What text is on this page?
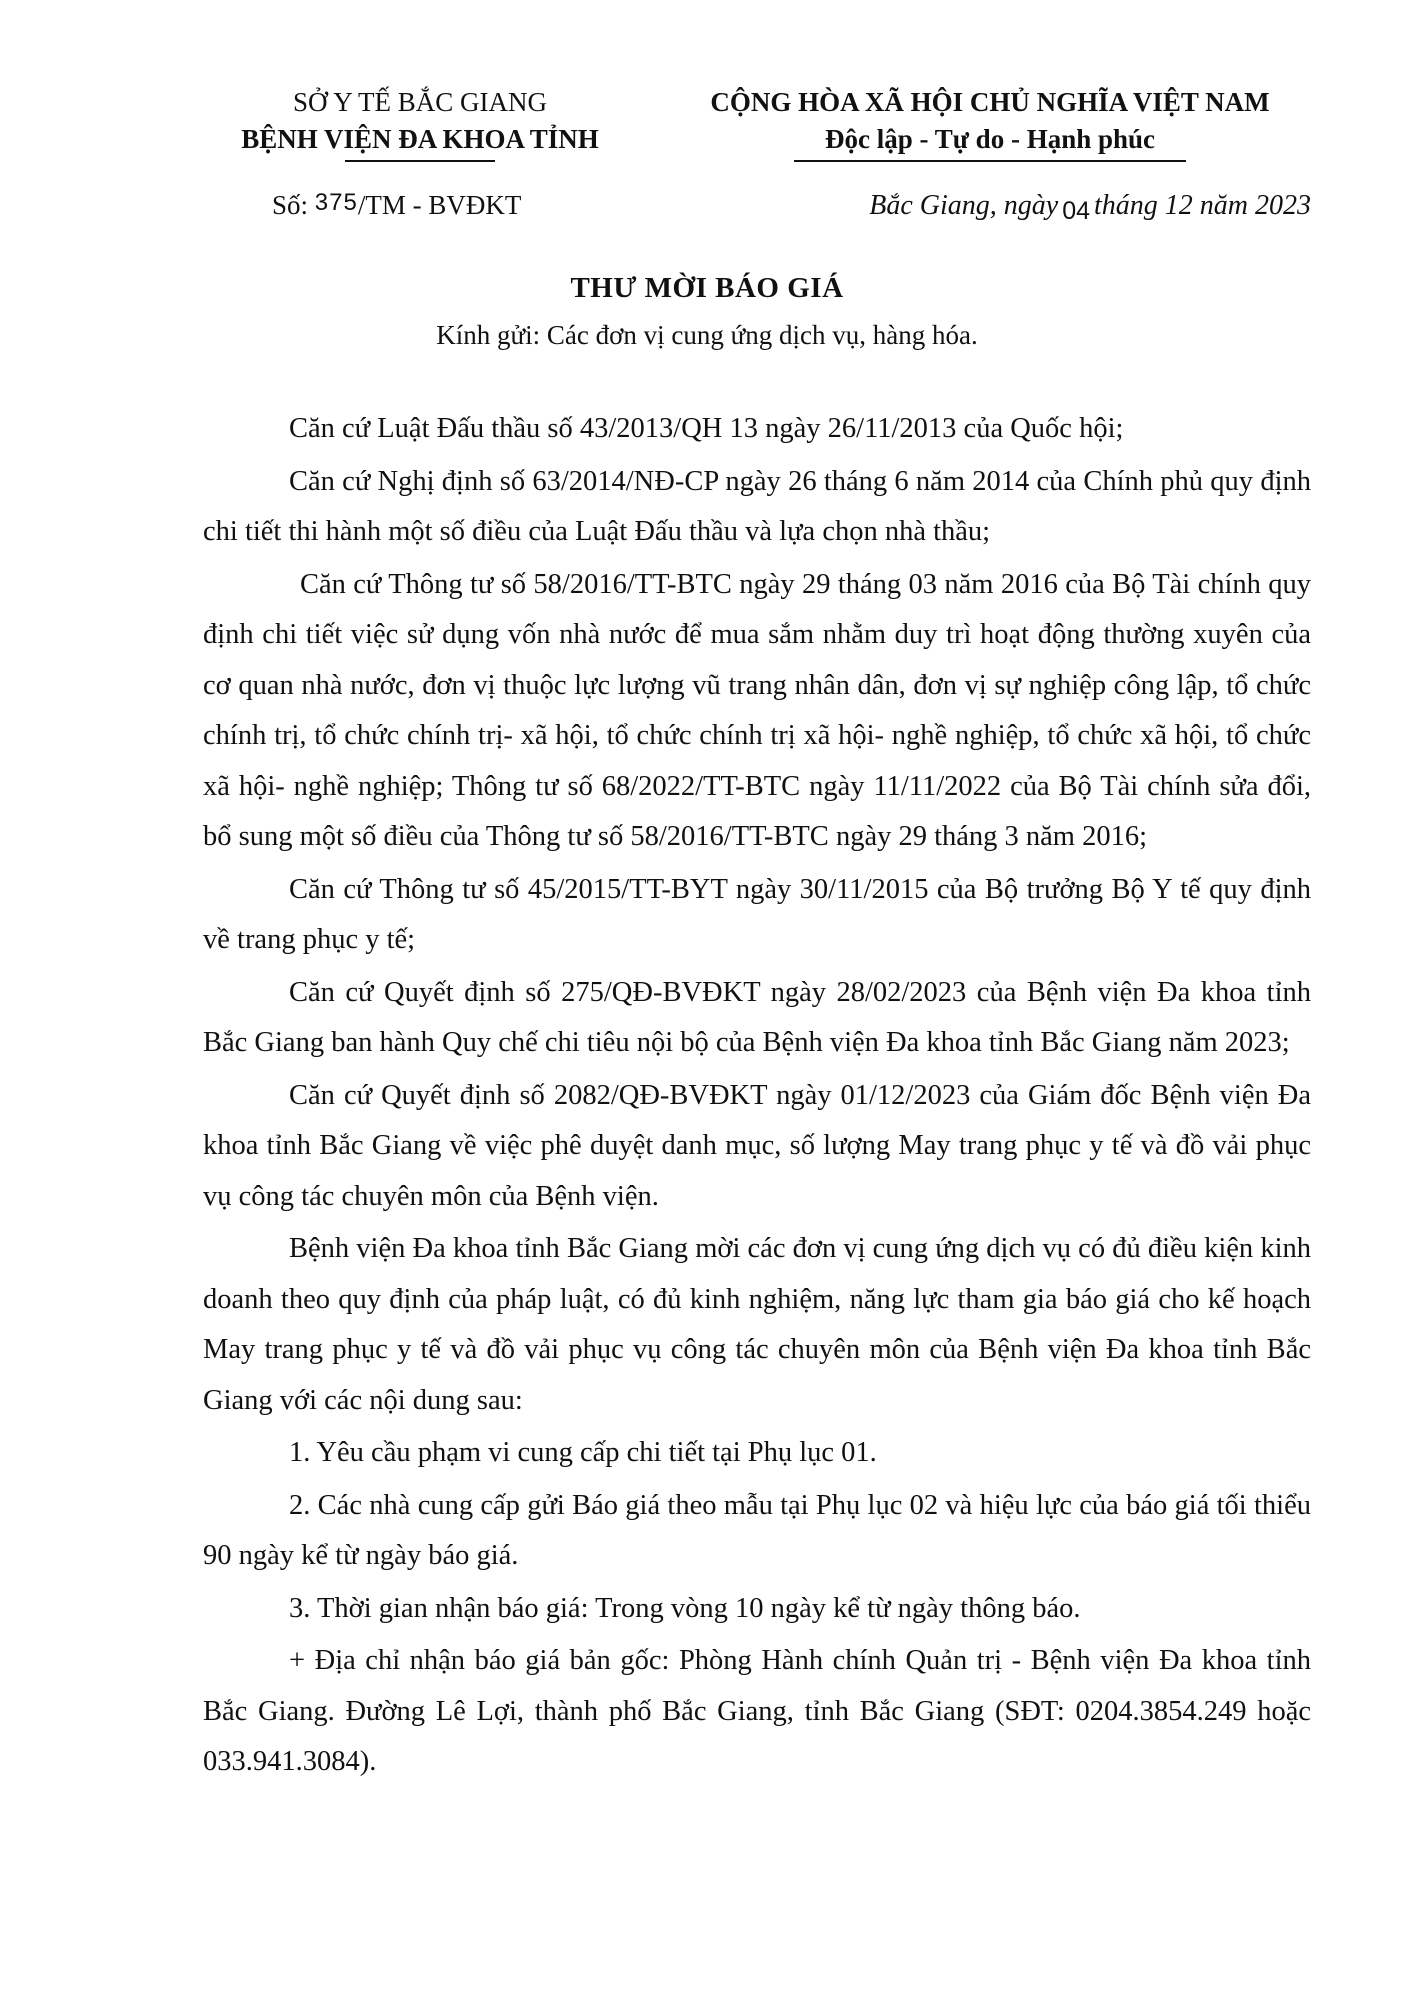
SỞ Y TẾ BẮC GIANG
BỆNH VIỆN ĐA KHOA TỈNH
CỘNG HÒA XÃ HỘI CHỦ NGHĨA VIỆT NAM
Độc lập - Tự do - Hạnh phúc
Số: 375/TM - BVĐKT	Bắc Giang, ngày 04 tháng 12 năm 2023
THƯ MỜI BÁO GIÁ
Kính gửi: Các đơn vị cung ứng dịch vụ, hàng hóa.

Căn cứ Luật Đấu thầu số 43/2013/QH 13 ngày 26/11/2013 của Quốc hội;

Căn cứ Nghị định số 63/2014/NĐ-CP ngày 26 tháng 6 năm 2014 của Chính phủ quy định chi tiết thi hành một số điều của Luật Đấu thầu và lựa chọn nhà thầu;

Căn cứ Thông tư số 58/2016/TT-BTC ngày 29 tháng 03 năm 2016 của Bộ Tài chính quy định chi tiết việc sử dụng vốn nhà nước để mua sắm nhằm duy trì hoạt động thường xuyên của cơ quan nhà nước, đơn vị thuộc lực lượng vũ trang nhân dân, đơn vị sự nghiệp công lập, tổ chức chính trị, tổ chức chính trị- xã hội, tổ chức chính trị xã hội- nghề nghiệp, tổ chức xã hội, tổ chức xã hội- nghề nghiệp; Thông tư số 68/2022/TT-BTC ngày 11/11/2022 của Bộ Tài chính sửa đổi, bổ sung một số điều của Thông tư số 58/2016/TT-BTC ngày 29 tháng 3 năm 2016;

Căn cứ Thông tư số 45/2015/TT-BYT ngày 30/11/2015 của Bộ trưởng Bộ Y tế quy định về trang phục y tế;

Căn cứ Quyết định số 275/QĐ-BVĐKT ngày 28/02/2023 của Bệnh viện Đa khoa tỉnh Bắc Giang ban hành Quy chế chi tiêu nội bộ của Bệnh viện Đa khoa tỉnh Bắc Giang năm 2023;

Căn cứ Quyết định số 2082/QĐ-BVĐKT ngày 01/12/2023 của Giám đốc Bệnh viện Đa khoa tỉnh Bắc Giang về việc phê duyệt danh mục, số lượng May trang phục y tế và đồ vải phục vụ công tác chuyên môn của Bệnh viện.

Bệnh viện Đa khoa tỉnh Bắc Giang mời các đơn vị cung ứng dịch vụ có đủ điều kiện kinh doanh theo quy định của pháp luật, có đủ kinh nghiệm, năng lực tham gia báo giá cho kế hoạch May trang phục y tế và đồ vải phục vụ công tác chuyên môn của Bệnh viện Đa khoa tỉnh Bắc Giang với các nội dung sau:

1. Yêu cầu phạm vi cung cấp chi tiết tại Phụ lục 01.

2. Các nhà cung cấp gửi Báo giá theo mẫu tại Phụ lục 02 và hiệu lực của báo giá tối thiểu 90 ngày kể từ ngày báo giá.

3. Thời gian nhận báo giá: Trong vòng 10 ngày kể từ ngày thông báo.

+ Địa chỉ nhận báo giá bản gốc: Phòng Hành chính Quản trị - Bệnh viện Đa khoa tỉnh Bắc Giang. Đường Lê Lợi, thành phố Bắc Giang, tỉnh Bắc Giang (SĐT: 0204.3854.249 hoặc 033.941.3084).
